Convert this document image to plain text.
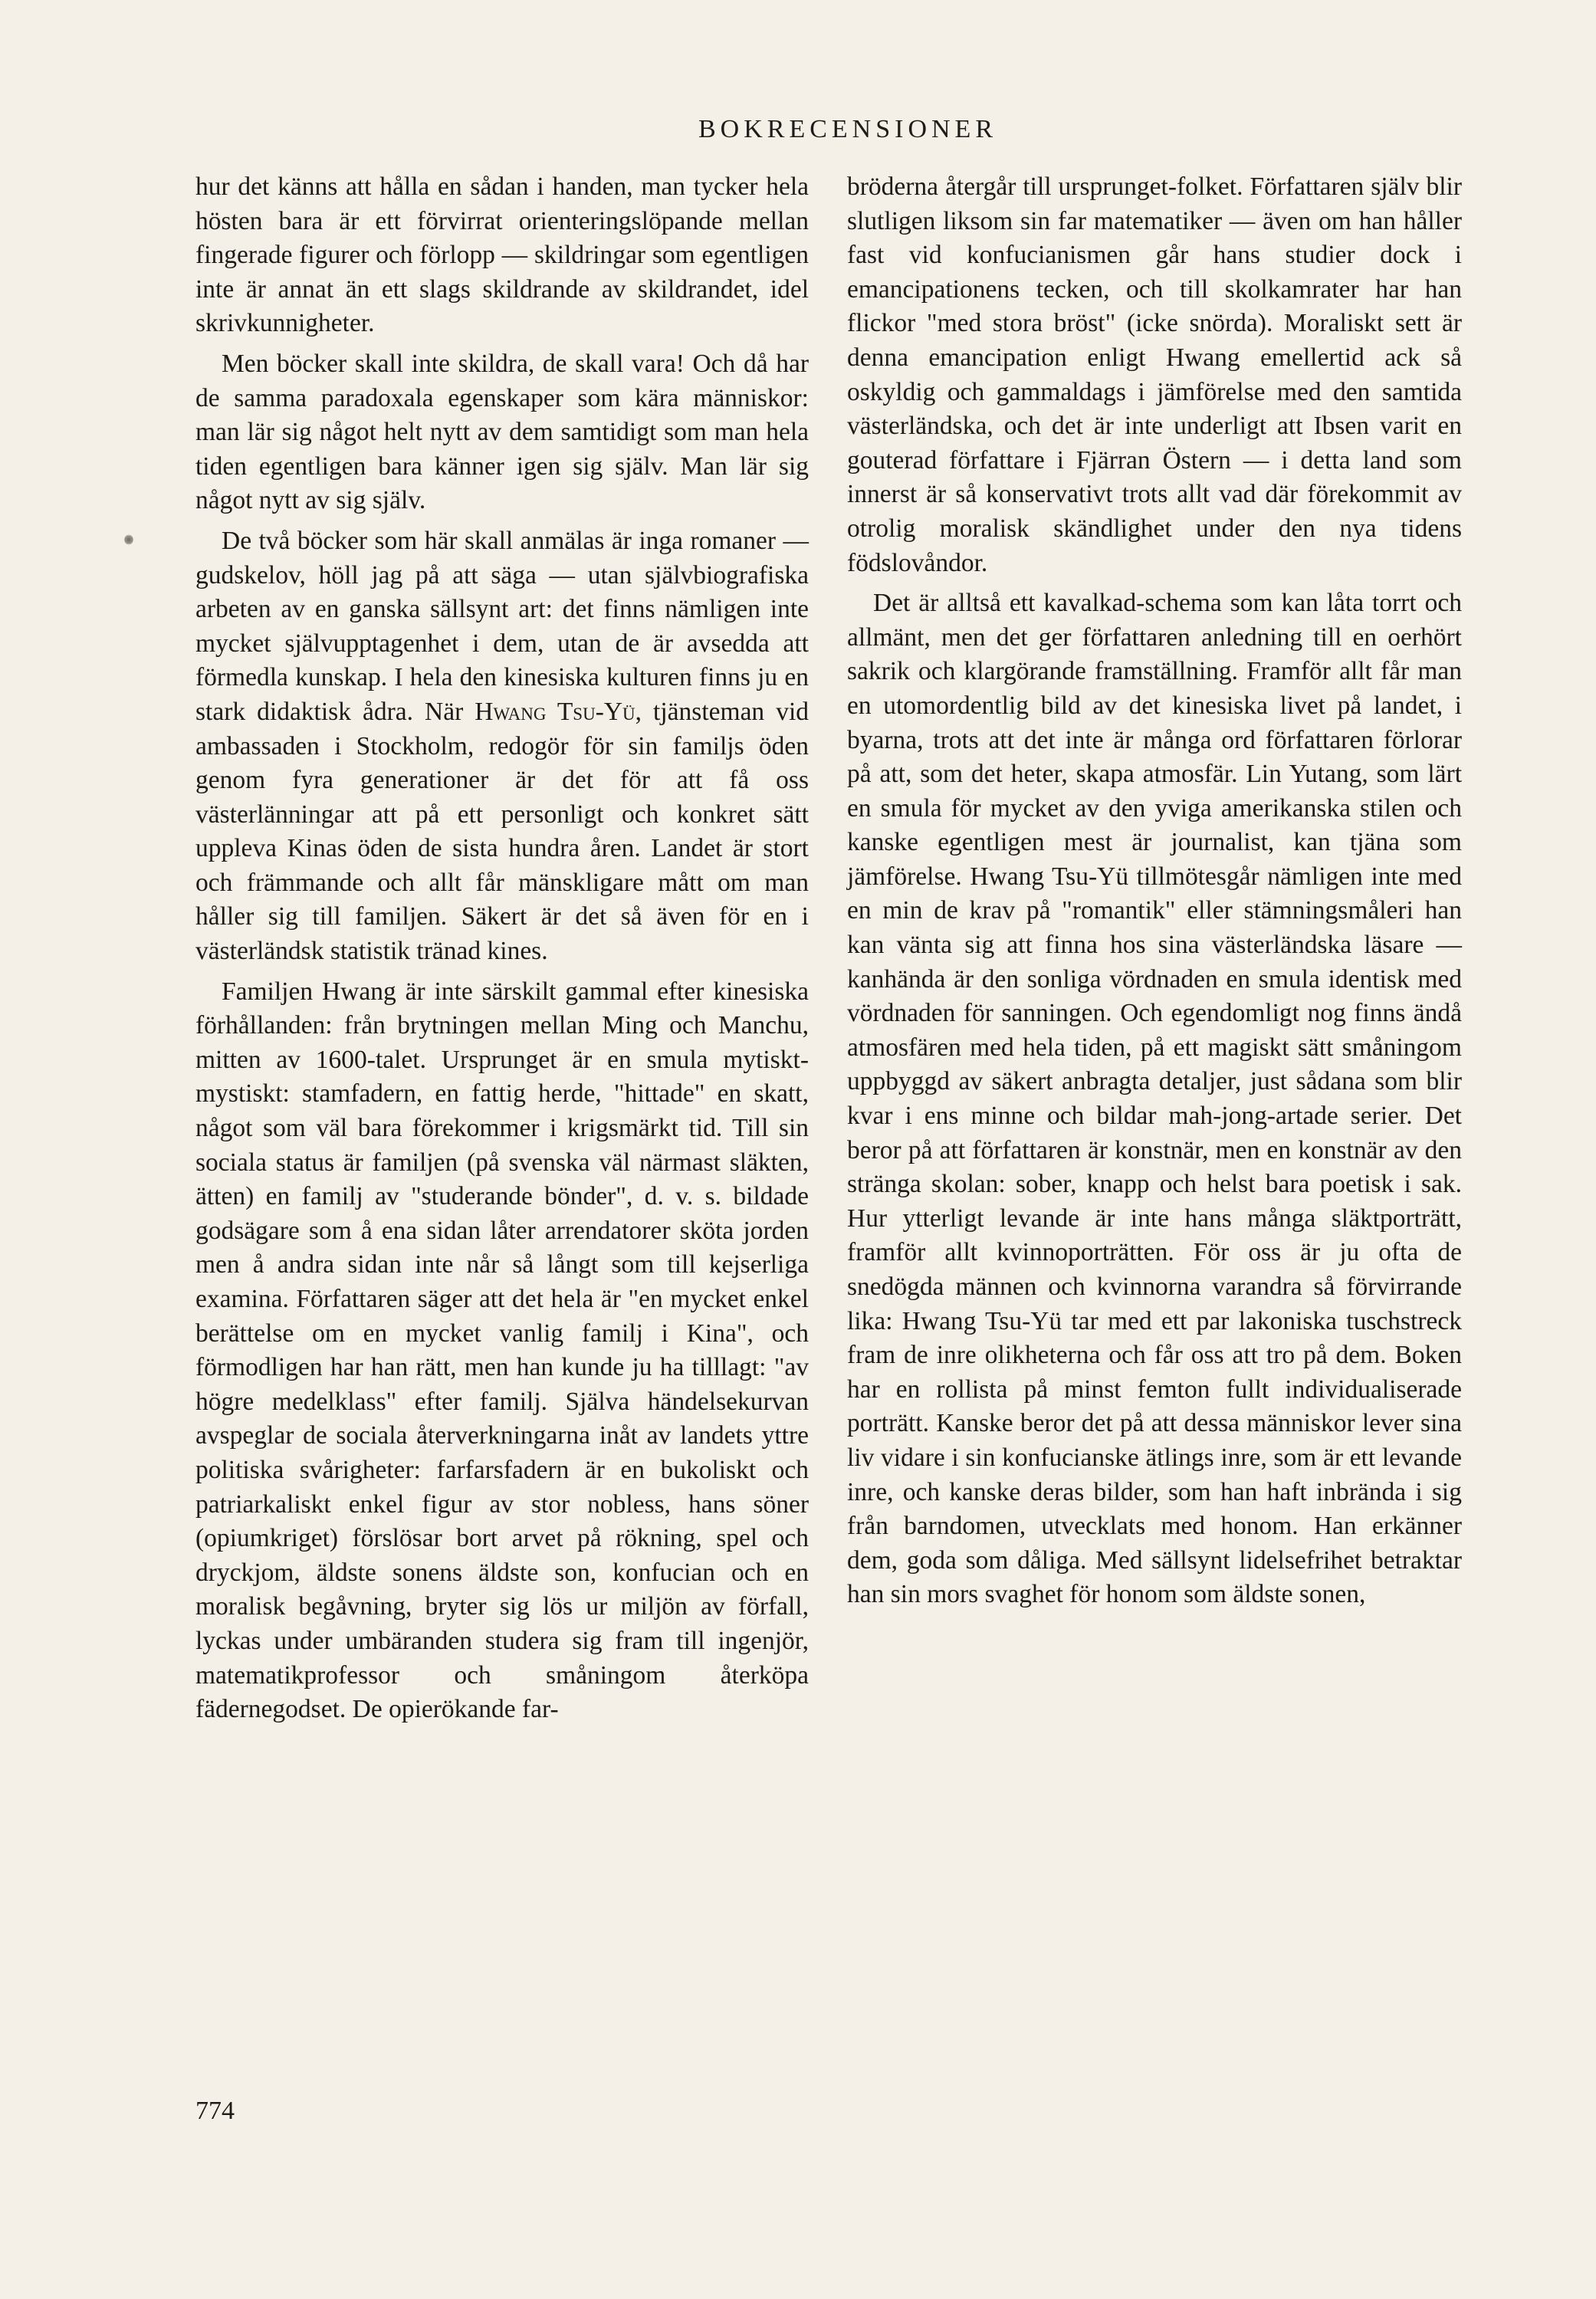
BOKRECENSIONER

hur det känns att hålla en sådan i handen, man tycker hela hösten bara är ett förvirrat orienteringslöpande mellan fingerade figurer och förlopp — skildringar som egentligen inte är annat än ett slags skildrande av skildrandet, idel skrivkunnigheter.

Men böcker skall inte skildra, de skall vara! Och då har de samma paradoxala egenskaper som kära människor: man lär sig något helt nytt av dem samtidigt som man hela tiden egentligen bara känner igen sig själv. Man lär sig något nytt av sig själv.

De två böcker som här skall anmälas är inga romaner — gudskelov, höll jag på att säga — utan självbiografiska arbeten av en ganska sällsynt art: det finns nämligen inte mycket självupptagenhet i dem, utan de är avsedda att förmedla kunskap. I hela den kinesiska kulturen finns ju en stark didaktisk ådra. När Hwang Tsu-Yü, tjänsteman vid ambassaden i Stockholm, redogör för sin familjs öden genom fyra generationer är det för att få oss västerlänningar att på ett personligt och konkret sätt uppleva Kinas öden de sista hundra åren. Landet är stort och främmande och allt får mänskligare mått om man håller sig till familjen. Säkert är det så även för en i västerländsk statistik tränad kines.

Familjen Hwang är inte särskilt gammal efter kinesiska förhållanden: från brytningen mellan Ming och Manchu, mitten av 1600-talet. Ursprunget är en smula mytiskt-mystiskt: stamfadern, en fattig herde, "hittade" en skatt, något som väl bara förekommer i krigsmärkt tid. Till sin sociala status är familjen (på svenska väl närmast släkten, ätten) en familj av "studerande bönder", d. v. s. bildade godsägare som å ena sidan låter arrendatorer sköta jorden men å andra sidan inte når så långt som till kejserliga examina. Författaren säger att det hela är "en mycket enkel berättelse om en mycket vanlig familj i Kina", och förmodligen har han rätt, men han kunde ju ha tilllagt: "av högre medelklass" efter familj. Själva händelsekurvan avspeglar de sociala återverkningarna inåt av landets yttre politiska svårigheter: farfarsfadern är en bukoliskt och patriarkaliskt enkel figur av stor nobless, hans söner (opiumkriget) förslösar bort arvet på rökning, spel och dryckjom, äldste sonens äldste son, konfucian och en moralisk begåvning, bryter sig lös ur miljön av förfall, lyckas under umbäranden studera sig fram till ingenjör, matematikprofessor och småningom återköpa fädernegodset. De opierökande far-

bröderna återgår till ursprunget-folket. Författaren själv blir slutligen liksom sin far matematiker — även om han håller fast vid konfucianismen går hans studier dock i emancipationens tecken, och till skolkamrater har han flickor "med stora bröst" (icke snörda). Moraliskt sett är denna emancipation enligt Hwang emellertid ack så oskyldig och gammaldags i jämförelse med den samtida västerländska, och det är inte underligt att Ibsen varit en gouterad författare i Fjärran Östern — i detta land som innerst är så konservativt trots allt vad där förekommit av otrolig moralisk skändlighet under den nya tidens födslovåndor.

Det är alltså ett kavalkad-schema som kan låta torrt och allmänt, men det ger författaren anledning till en oerhört sakrik och klargörande framställning. Framför allt får man en utomordentlig bild av det kinesiska livet på landet, i byarna, trots att det inte är många ord författaren förlorar på att, som det heter, skapa atmosfär. Lin Yutang, som lärt en smula för mycket av den yviga amerikanska stilen och kanske egentligen mest är journalist, kan tjäna som jämförelse. Hwang Tsu-Yü tillmötesgår nämligen inte med en min de krav på "romantik" eller stämningsmåleri han kan vänta sig att finna hos sina västerländska läsare — kanhända är den sonliga vördnaden en smula identisk med vördnaden för sanningen. Och egendomligt nog finns ändå atmosfären med hela tiden, på ett magiskt sätt småningom uppbyggd av säkert anbragta detaljer, just sådana som blir kvar i ens minne och bildar mah-jong-artade serier. Det beror på att författaren är konstnär, men en konstnär av den stränga skolan: sober, knapp och helst bara poetisk i sak. Hur ytterligt levande är inte hans många släktporträtt, framför allt kvinnoporträtten. För oss är ju ofta de snedögda männen och kvinnorna varandra så förvirrande lika: Hwang Tsu-Yü tar med ett par lakoniska tuschstreck fram de inre olikheterna och får oss att tro på dem. Boken har en rollista på minst femton fullt individualiserade porträtt. Kanske beror det på att dessa människor lever sina liv vidare i sin konfucianske ätlings inre, som är ett levande inre, och kanske deras bilder, som han haft inbrända i sig från barndomen, utvecklats med honom. Han erkänner dem, goda som dåliga. Med sällsynt lidelsefrihet betraktar han sin mors svaghet för honom som äldste sonen,

774
